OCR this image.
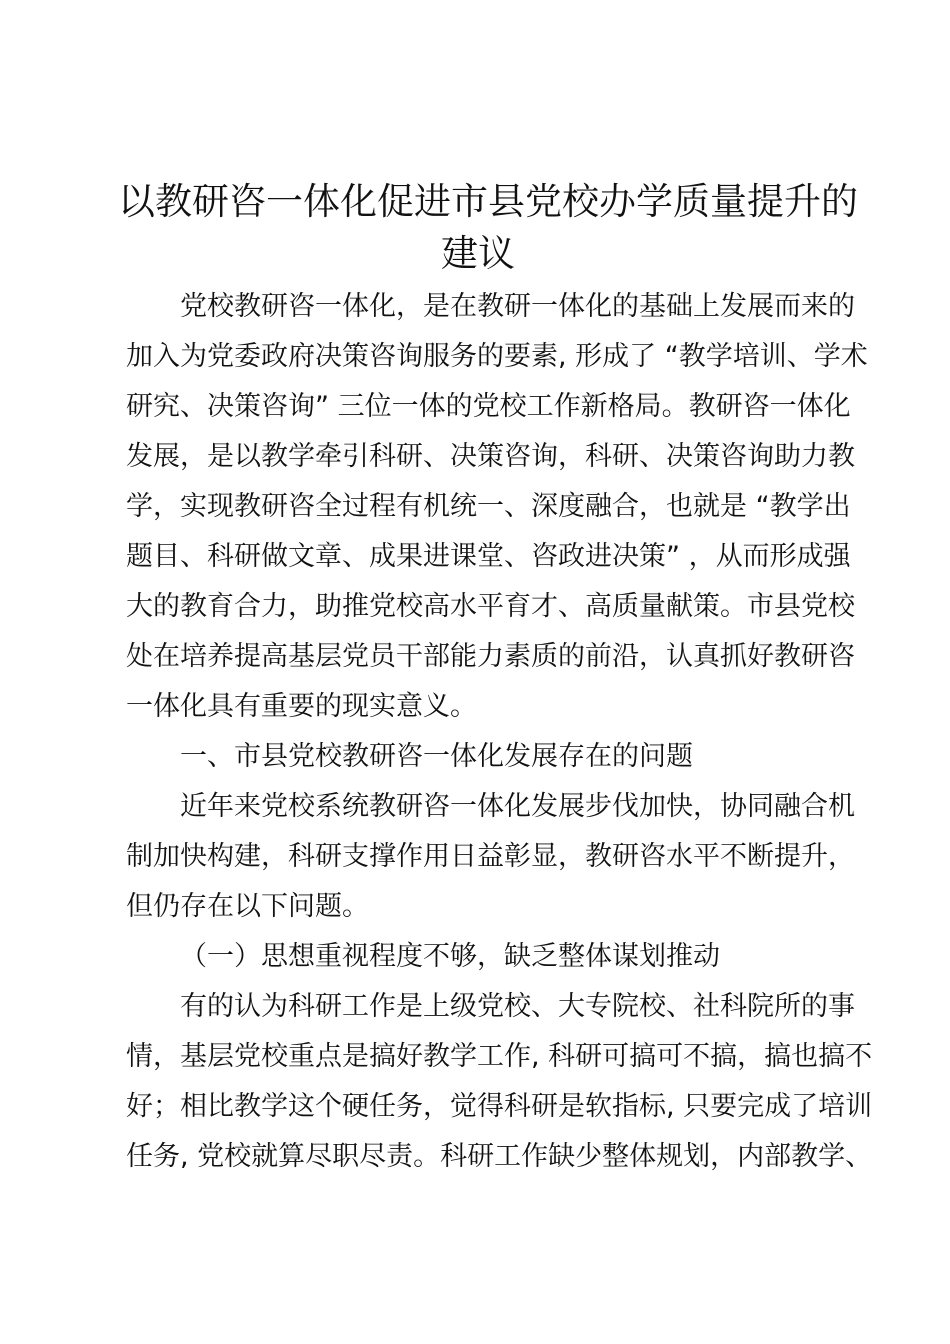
以教研咨一体化促进市县党校办学质量提升的
建议
党校教研咨一体化，是在教研一体化的基础上发展而来的
加入为党委政府决策咨询服务的要素, 形成了 “教学培训、学术
研究、决策咨询” 三位一体的党校工作新格局。教研咨一体化
发展，是以教学牵引科研、决策咨询，科研、决策咨询助力教
学，实现教研咨全过程有机统一、深度融合，也就是 “教学出
题目、科研做文章、成果进课堂、咨政进决策” ，从而形成强
大的教育合力，助推党校高水平育才、高质量献策。市县党校
处在培养提高基层党员干部能力素质的前沿，认真抓好教研咨
一体化具有重要的现实意义。
一、市县党校教研咨一体化发展存在的问题
近年来党校系统教研咨一体化发展步伐加快，协同融合机
制加快构建，科研支撑作用日益彰显，教研咨水平不断提升，
但仍存在以下问题。
（一）思想重视程度不够，缺乏整体谋划推动
有的认为科研工作是上级党校、大专院校、社科院所的事
情，基层党校重点是搞好教学工作, 科研可搞可不搞，搞也搞不
好；相比教学这个硬任务，觉得科研是软指标, 只要完成了培训
任务, 党校就算尽职尽责。科研工作缺少整体规划，内部教学、
